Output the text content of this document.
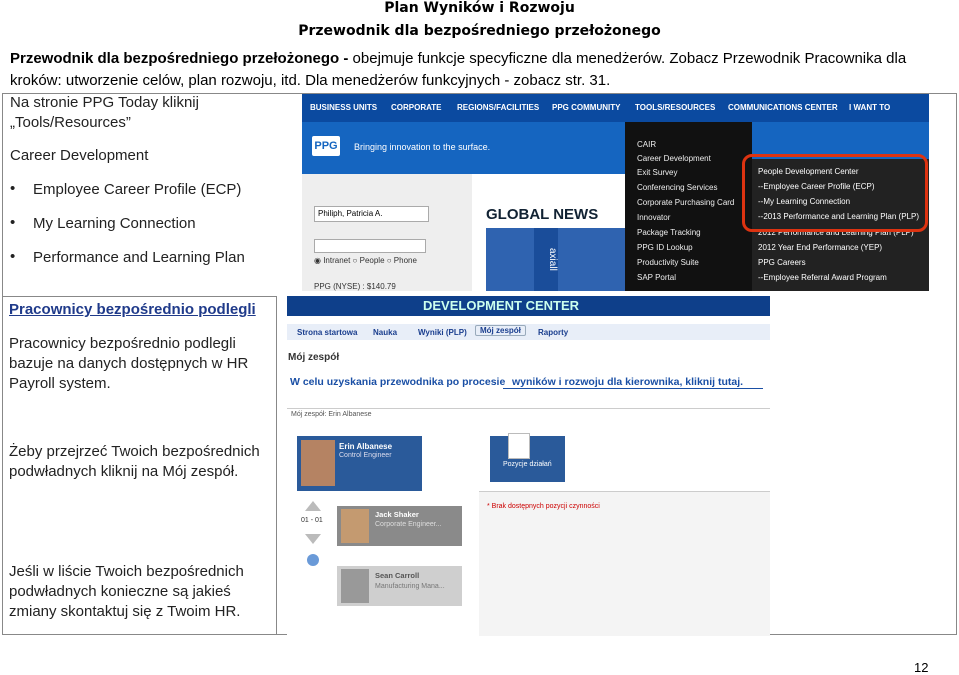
Plan Wyników i Rozwoju
Przewodnik dla bezpośredniego przełożonego
Przewodnik dla bezpośredniego przełożonego - obejmuje funkcje specyficzne dla menedżerów. Zobacz Przewodnik Pracownika dla kroków: utworzenie celów, plan rozwoju, itd. Dla menedżerów funkcyjnych - zobacz str. 31.
Na stronie PPG Today kliknij
„Tools/Resources”
Career Development
• Employee Career Profile (ECP)
• My Learning Connection
• Performance and Learning Plan
Pracownicy bezpośrednio podlegli
Pracownicy bezpośrednio podlegli bazuje na danych dostępnych w HR Payroll system.
Żeby przejrzeć Twoich bezpośrednich podwładnych kliknij na Mój zespół.
Jeśli w liście Twoich bezpośrednich podwładnych konieczne są jakieś zmiany skontaktuj się z Twoim HR.
BUSINESS UNITS CORPORATE REGIONS/FACILITIES PPG COMMUNITY TOOLS/RESOURCES COMMUNICATIONS CENTER I WANT TO
PPG Bringing innovation to the surface.
Philiph, Patricia A.
◉ Intranet ○ People ○ Phone
PPG (NYSE) : $140.79
GLOBAL NEWS
axiall
CAIR
Career Development
Exit Survey
Conferencing Services
Corporate Purchasing Card
Innovator
Package Tracking
PPG ID Lookup
Productivity Suite
SAP Portal
People Development Center
--Employee Career Profile (ECP)
--My Learning Connection
--2013 Performance and Learning Plan (PLP)
2012 Performance and Learning Plan (PLP)
2012 Year End Performance (YEP)
PPG Careers
--Employee Referral Award Program
DEVELOPMENT CENTER
Strona startowa Nauka	Wyniki (PLP)	Mój zespół	Raporty
Mój zespół
W celu uzyskania przewodnika po procesie wyników i rozwoju dla kierownika, kliknij tutaj.
Mój zespół: Erin Albanese
Erin Albanese
Control Engineer
Pozycje działań
* Brak dostępnych pozycji czynności
01 - 01
Jack Shaker
Corporate Engineer...
Sean Carroll
Manufacturing Mana...
12
